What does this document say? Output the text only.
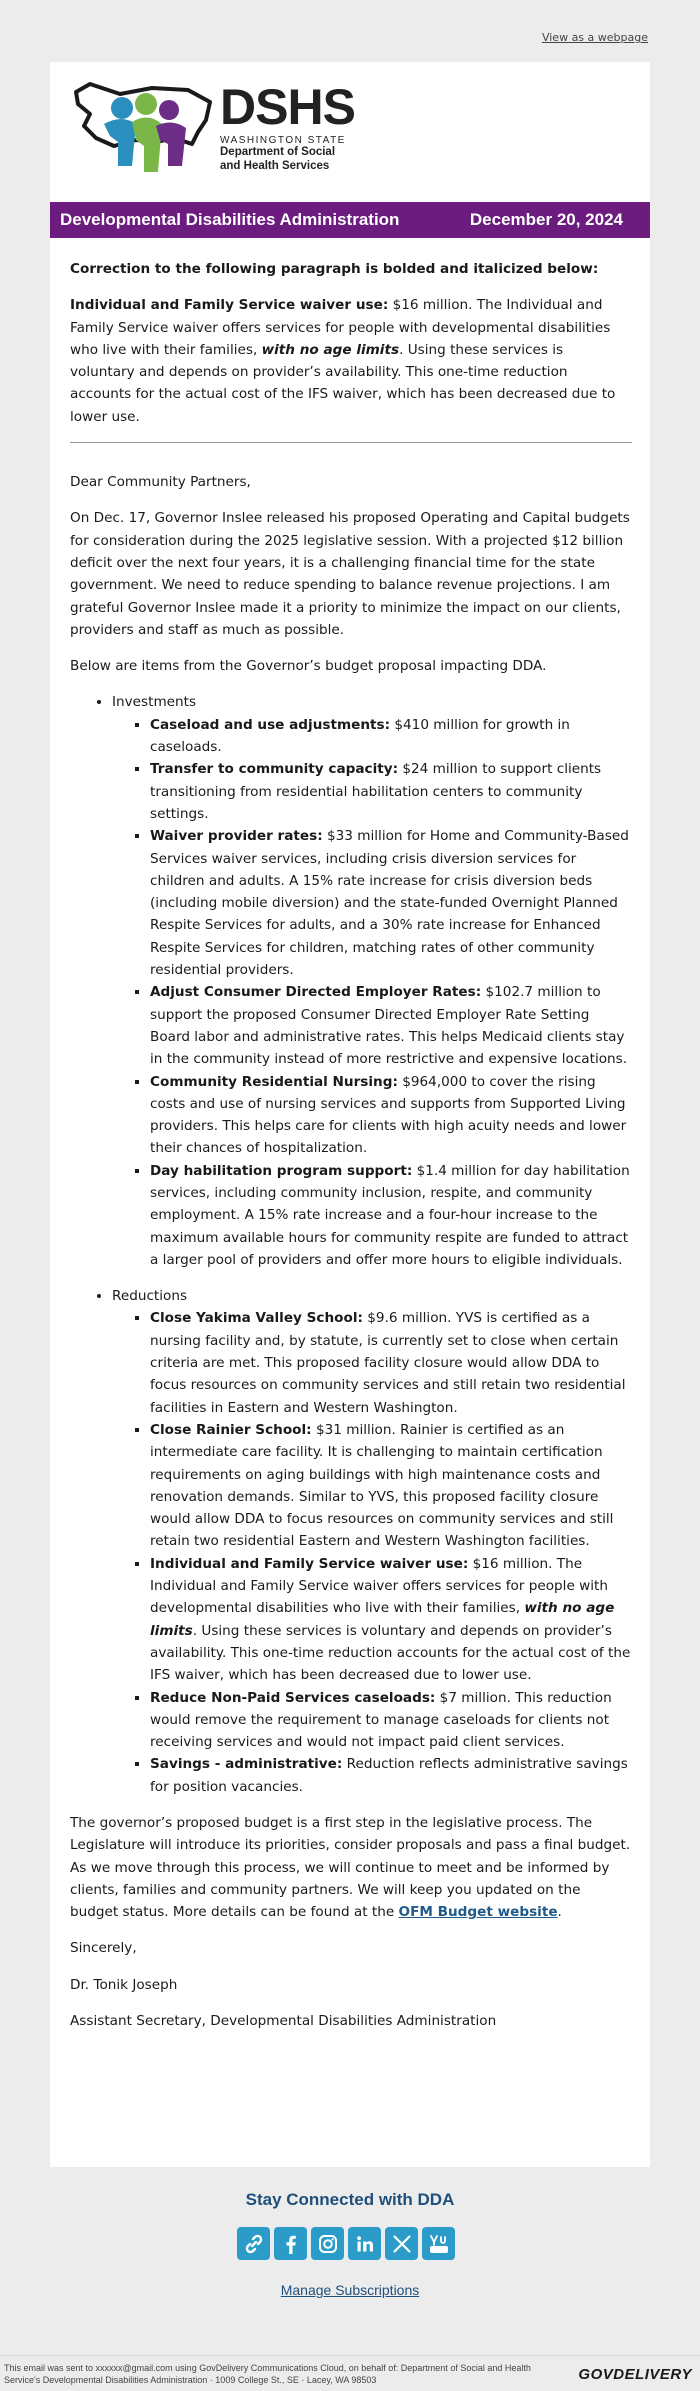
View as a webpage
DSHS
WASHINGTON STATE
Department of Social
and Health Services
Developmental Disabilities Administration	December 20, 2024

Correction to the following paragraph is bolded and italicized below:

Individual and Family Service waiver use: $16 million. The Individual and Family Service waiver offers services for people with developmental disabilities who live with their families, with no age limits. Using these services is voluntary and depends on provider’s availability. This one-time reduction accounts for the actual cost of the IFS waiver, which has been decreased due to lower use.

Dear Community Partners,

On Dec. 17, Governor Inslee released his proposed Operating and Capital budgets for consideration during the 2025 legislative session. With a projected $12 billion deficit over the next four years, it is a challenging financial time for the state government. We need to reduce spending to balance revenue projections. I am grateful Governor Inslee made it a priority to minimize the impact on our clients, providers and staff as much as possible.

Below are items from the Governor’s budget proposal impacting DDA.

• Investments
▪ Caseload and use adjustments: $410 million for growth in caseloads.
▪ Transfer to community capacity: $24 million to support clients transitioning from residential habilitation centers to community settings.
▪ Waiver provider rates: $33 million for Home and Community-Based Services waiver services, including crisis diversion services for children and adults. A 15% rate increase for crisis diversion beds (including mobile diversion) and the state-funded Overnight Planned Respite Services for adults, and a 30% rate increase for Enhanced Respite Services for children, matching rates of other community residential providers.
▪ Adjust Consumer Directed Employer Rates: $102.7 million to support the proposed Consumer Directed Employer Rate Setting Board labor and administrative rates. This helps Medicaid clients stay in the community instead of more restrictive and expensive locations.
▪ Community Residential Nursing: $964,000 to cover the rising costs and use of nursing services and supports from Supported Living providers. This helps care for clients with high acuity needs and lower their chances of hospitalization.
▪ Day habilitation program support: $1.4 million for day habilitation services, including community inclusion, respite, and community employment. A 15% rate increase and a four-hour increase to the maximum available hours for community respite are funded to attract a larger pool of providers and offer more hours to eligible individuals.
• Reductions
▪ Close Yakima Valley School: $9.6 million. YVS is certified as a nursing facility and, by statute, is currently set to close when certain criteria are met. This proposed facility closure would allow DDA to focus resources on community services and still retain two residential facilities in Eastern and Western Washington.
▪ Close Rainier School: $31 million. Rainier is certified as an intermediate care facility. It is challenging to maintain certification requirements on aging buildings with high maintenance costs and renovation demands. Similar to YVS, this proposed facility closure would allow DDA to focus resources on community services and still retain two residential Eastern and Western Washington facilities.
▪ Individual and Family Service waiver use: $16 million. The Individual and Family Service waiver offers services for people with developmental disabilities who live with their families, with no age limits. Using these services is voluntary and depends on provider’s availability. This one-time reduction accounts for the actual cost of the IFS waiver, which has been decreased due to lower use.
▪ Reduce Non-Paid Services caseloads: $7 million. This reduction would remove the requirement to manage caseloads for clients not receiving services and would not impact paid client services.
▪ Savings - administrative: Reduction reflects administrative savings for position vacancies.

The governor’s proposed budget is a first step in the legislative process. The Legislature will introduce its priorities, consider proposals and pass a final budget. As we move through this process, we will continue to meet and be informed by clients, families and community partners. We will keep you updated on the budget status. More details can be found at the OFM Budget website.

Sincerely,

Dr. Tonik Joseph

Assistant Secretary, Developmental Disabilities Administration

Stay Connected with DDA
Manage Subscriptions
This email was sent to xxxxxx@gmail.com using GovDelivery Communications Cloud, on behalf of: Department of Social and Health Service's Developmental Disabilities Administration · 1009 College St., SE · Lacey, WA 98503	GOVDELIVERY
